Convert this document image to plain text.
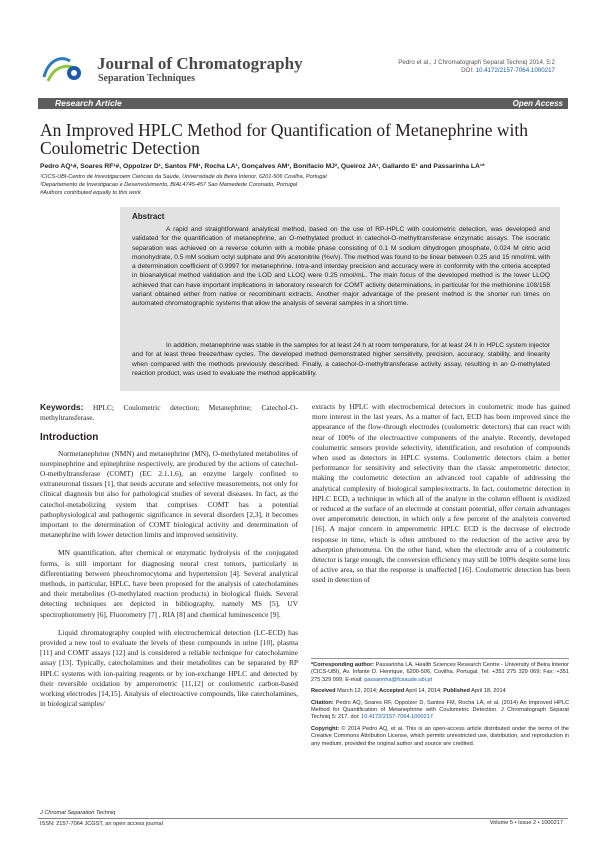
Journal of Chromatography
Separation Techniques
Pedro et al., J Chromatograph Separat Techniq 2014, 5:2
DOI: 10.4172/2157-7064.1000217
Research Article	Open Access
An Improved HPLC Method for Quantification of Metanephrine with Coulometric Detection
Pedro AQ¹#, Soares RF¹#, Oppolzer D¹, Santos FM¹, Rocha LA¹, Gonçalves AM¹, Bonifacio MJ², Queiroz JA¹, Gallardo E¹ and Passarinha LA¹*
¹CICS-UBI-Centro de Investigacoem Ciencias da Saude, Universidade da Beira Interior, 6201-506 Covilha, Portugal
²Departamento de Investigacao e Desenvolvimento, BIAL4745-457 Sao Mamedede Coronado, Portugal
#Authors contributed equally to this work
Abstract
A rapid and straightforward analytical method, based on the use of RP-HPLC with coulometric detection, was developed and validated for the quantification of metanephrine, an O-methylated product in catechol-O-methyltransferase enzymatic assays. The isocratic separation was achieved on a reverse column with a mobile phase consisting of 0.1 M sodium dihydrogen phosphate, 0.024 M citric acid monohydrate, 0.5 mM sodium octyl sulphate and 9% acetonitrile (%v/v). The method was found to be linear between 0.25 and 15 nmol/mL with a determination coefficient of 0.9997 for metanephrine. Intra-and interday precision and accuracy were in conformity with the criteria accepted in bioanalytical method validation and the LOD and LLOQ were 0.25 nmol/mL. The main focus of the developed method is the lower LLOQ achieved that can have important implications in laboratory research for COMT activity determinations, in particular for the methionine 108/158 variant obtained either from native or recombinant extracts. Another major advantage of the present method is the shorter run times on automated chromatographic systems that allow the analysis of several samples in a short time.
In addition, metanephrine was stable in the samples for at least 24 h at room temperature, for at least 24 h in HPLC system injector and for at least three freeze/thaw cycles. The developed method demonstrated higher sensitivity, precision, accuracy, stability, and linearity when compared with the methods previously described. Finally, a catechol-O-methyltransferase activity assay, resulting in an O-methylated reaction product, was used to evaluate the method applicability.
Keywords: HPLC; Coulometric detection; Metanephrine; Catechol-O-methyltransferase.
Introduction
Normetanephrine (NMN) and metanephrine (MN), O-methylated metabolites of norepinephrine and epinephrine respectively, are produced by the actions of catechol-O-methyltransferase (COMT) (EC 2.1.1.6), an enzyme largely confined to extraneuronal tissues [1], that needs accurate and selective measurements, not only for clinical diagnosis but also for pathological studies of several diseases. In fact, as the catechol-metabolizing system that comprises COMT has a potential pathophysiological and pathogenic significance in several disorders [2,3], it becomes important to the determination of COMT biological activity and determination of metanephrine with lower detection limits and improved sensitivity.
MN quantification, after chemical or enzymatic hydrolysis of the conjugated forms, is still important for diagnosing neural crest tumors, particularly in differentiating between pheochromocytoma and hypertension [4]. Several analytical methods, in particular, HPLC, have been proposed for the analysis of catecholamines and their metabolites (O-methylated reaction products) in biological fluids. Several detecting techniques are depicted in bibliography, namely MS [5], UV spectrophotometry [6], Fluorometry [7] , RIA [8] and chemical luminescence [9].
Liquid chromatography coupled with electrochemical detection (LC-ECD) has provided a new tool to evaluate the levels of these compounds in urine [10], plasma [11] and COMT assays [12] and is considered a reliable technique for catecholamine assay [13]. Typically, catecholamines and their metabolites can be separated by RP HPLC systems with ion-pairing reagents or by ion-exchange HPLC and detected by their reversible oxidation by amperometric [11,12] or coulometric carbon-based working electrodes [14,15]. Analysis of electroactive compounds, like catecholamines, in biological samples/
extracts by HPLC with electrochemical detectors in coulometric mode has gained more interest in the last years. As a matter of fact, ECD has been improved since the appearance of the flow-through electrodes (coulometric detectors) that can react with near of 100% of the electroactive components of the analyte. Recently, developed coulometric sensors provide selectivity, identification, and resolution of compounds when used as detectors in HPLC systems. Coulometric detectors claim a better performance for sensitivity and selectivity than the classic amperometric detector, making the coulometric detection an advanced tool capable of addressing the analytical complexity of biological samples/extracts. In fact, coulometric detection in HPLC ECD, a technique in which all of the analyte in the column effluent is oxidized or reduced at the surface of an electrode at constant potential, offer certain advantages over amperometric detection, in which only a few percent of the analyteis converted [16]. A major concern in amperometric HPLC ECD is the decrease of electrode response in time, which is often attributed to the reduction of the active area by adsorption phenomena. On the other hand, when the electrode area of a coulometric detector is large enough, the conversion efficiency may still be 100% despite some loss of active area, so that the response is unaffected [16]. Coulometric detection has been used in detection of
*Corresponding author: Passarinha LA, Health Sciences Research Centre - University of Beira Interior (CICS-UBI), Av. Infante D. Henrique, 6200-506, Covilha, Portugal, Tel: +351 275 329 069; Fax: +351 275 329 099; E-mail: passarinha@fcsaude.ubi.pt
Received March 12, 2014; Accepted April 14, 2014; Published April 18, 2014
Citation: Pedro AQ, Soares RF, Oppolzer D, Santos FM, Rocha LA, et al. (2014) An Improved HPLC Method for Quantification of Metanephrine with Coulometric Detection. J Chromatograph Separat Techniq 5: 217. doi: 10.4172/2157-7064.1000217
Copyright: © 2014 Pedro AQ, et al. This is an open-access article distributed under the terms of the Creative Commons Attribution License, which permits unrestricted use, distribution, and reproduction in any medium, provided the original author and source are credited.
J Chromat Separation Techniq
ISSN: 2157-7064 JCGST, an open access journal	Volume 5 • Issue 2 • 1000217
